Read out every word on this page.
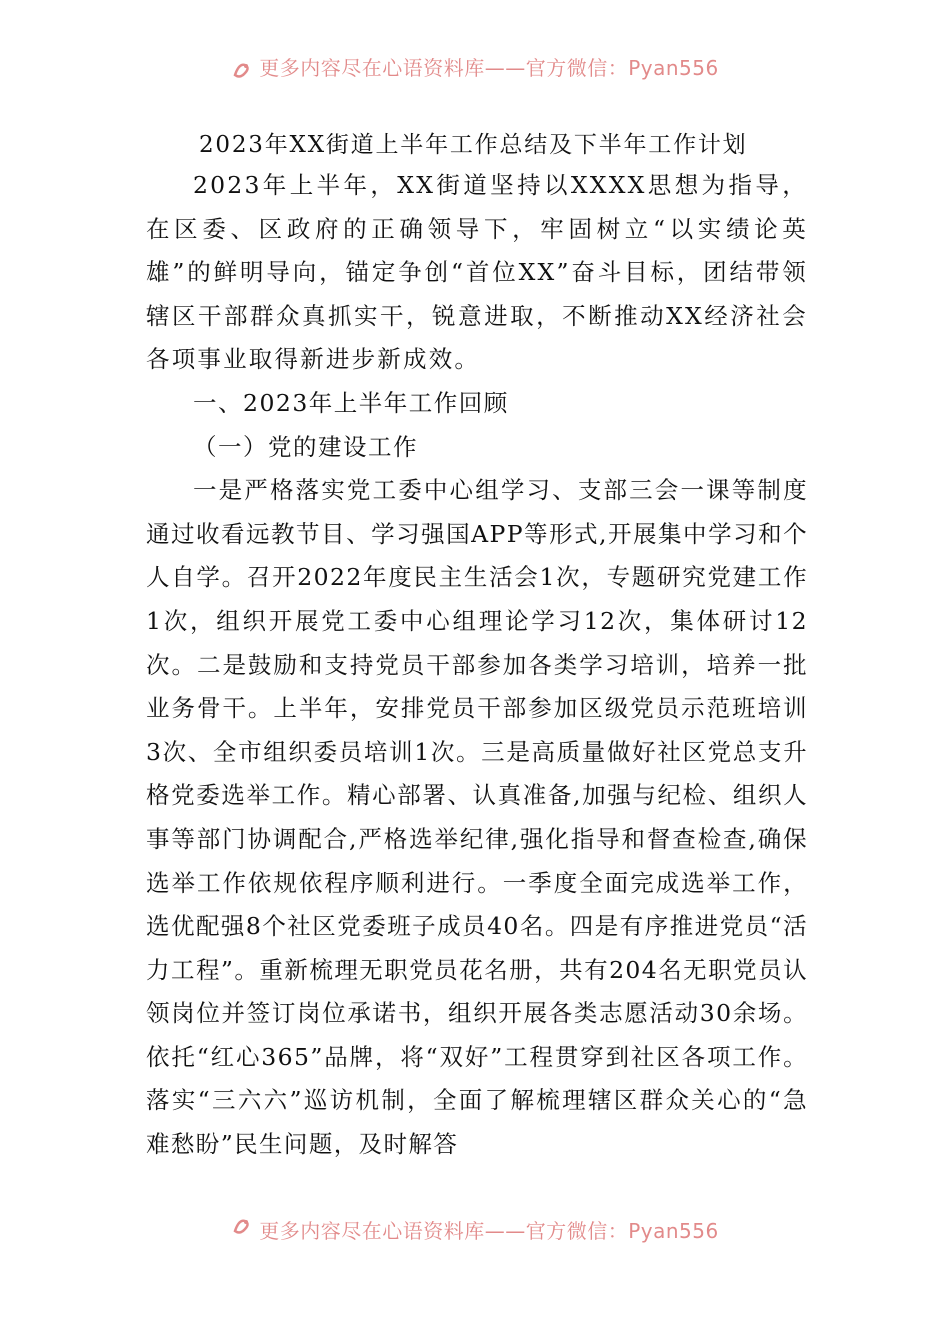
更多内容尽在心语资料库——官方微信：Pyan556
2023年XX街道上半年工作总结及下半年工作计划

2023年上半年，XX街道坚持以XXXX思想为指导，在区委、区政府的正确领导下，牢固树立“以实绩论英雄”的鲜明导向，锚定争创“首位XX”奋斗目标，团结带领辖区干部群众真抓实干，锐意进取，不断推动XX经济社会各项事业取得新进步新成效。

一、2023年上半年工作回顾

（一）党的建设工作

一是严格落实党工委中心组学习、支部三会一课等制度通过收看远教节目、学习强国APP等形式,开展集中学习和个人自学。召开2022年度民主生活会1次，专题研究党建工作1次，组织开展党工委中心组理论学习12次，集体研讨12次。二是鼓励和支持党员干部参加各类学习培训，培养一批业务骨干。上半年，安排党员干部参加区级党员示范班培训3次、全市组织委员培训1次。三是高质量做好社区党总支升格党委选举工作。精心部署、认真准备,加强与纪检、组织人事等部门协调配合,严格选举纪律,强化指导和督查检查,确保选举工作依规依程序顺利进行。一季度全面完成选举工作，选优配强8个社区党委班子成员40名。四是有序推进党员“活力工程”。重新梳理无职党员花名册，共有204名无职党员认领岗位并签订岗位承诺书，组织开展各类志愿活动30余场。依托“红心365”品牌，将“双好”工程贯穿到社区各项工作。落实“三六六”巡访机制，全面了解梳理辖区群众关心的“急难愁盼”民生问题，及时解答

更多内容尽在心语资料库——官方微信：Pyan556
